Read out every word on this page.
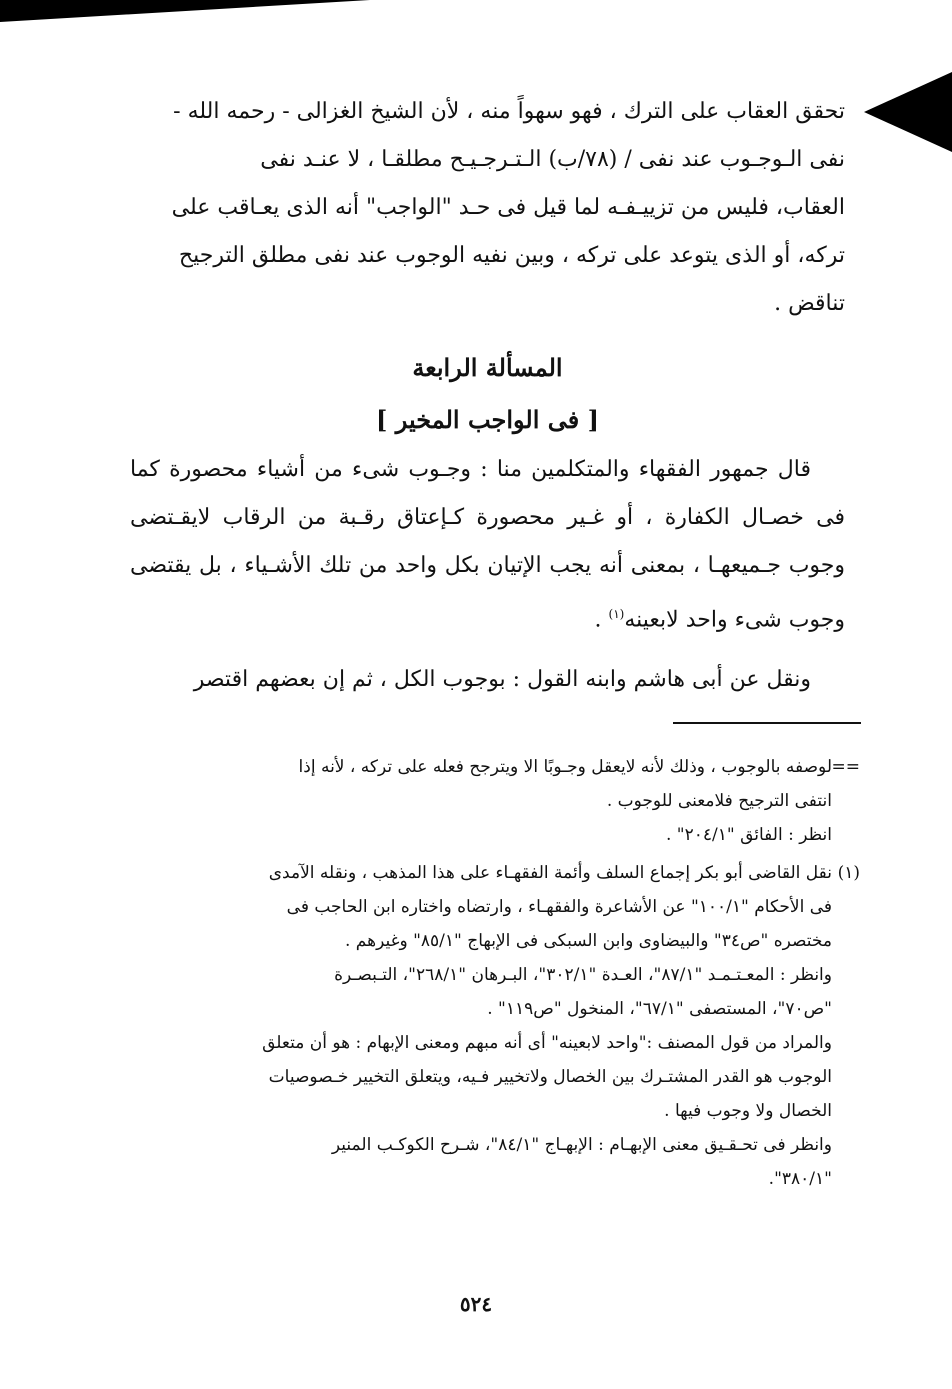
تحقق العقاب على الترك ، فهو سهواً منه ، لأن الشيخ الغزالى - رحمه الله -

نفى الـوجـوب عند نفى / (٧٨/ب) الـتـرجـيـح مطلقـا ، لا عنـد نفى

العقاب، فليس من تزييـفـه لما قيل فى حـد "الواجب" أنه الذى يعـاقب على

تركه، أو الذى يتوعد على تركه ، وبين نفيه الوجوب عند نفى مطلق الترجيح

تناقض .

المسألة الرابعة
[ فى الواجب المخير ]

قال جمهور الفقهاء والمتكلمين منا : وجـوب شىء من أشياء محصورة كما فى خصـال الكفارة ، أو غـير محصورة كـإعتاق رقـبة من الرقاب لايقـتضى وجوب جـميعهـا ، بمعنى أنه يجب الإتيان بكل واحد من تلك الأشـياء ، بل يقتضى وجوب شىء واحد لابعينه$^{(١)}$ .

ونقل عن أبى هاشم وابنه القول : بوجوب الكل ، ثم إن بعضهم اقتصر

==لوصفه بالوجوب ، وذلك لأنه لايعقل وجـوبًا الا ويترجح فعله على تركه ، لأنه إذا
انتفى الترجيح فلامعنى للوجوب .
انظر : الفائق "٢٠٤/١" .
(١)نقل القاضى أبو بكر إجماع السلف وأئمة الفقهـاء على هذا المذهب ، ونقله الآمدى
فى الأحكام "١٠٠/١" عن الأشاعرة والفقهـاء ، وارتضاه واختاره ابن الحاجب فى
مختصره "ص٣٤" والبيضاوى وابن السبكى فى الإبهاج "٨٥/١" وغيرهم .
وانظر : المعـتـمـد "٨٧/١"، العـدة "٣٠٢/١"، البـرهان "٢٦٨/١"، التـبصـرة
"ص٧٠"، المستصفى "٦٧/١"، المنخول "ص١١٩" .
والمراد من قول المصنف :"واحد لابعينه" أى أنه مبهم ومعنى الإبهام : هو أن متعلق
الوجوب هو القدر المشتـرك بين الخصال ولاتخيير فـيه، ويتعلق التخيير خـصوصيات
الخصال ولا وجوب فيها .
وانظر فى تحـقـيق معنى الإبهـام : الإبهـاج "٨٤/١"، شـرح الكوكـب المنير
"٣٨٠/١".
٥٢٤
